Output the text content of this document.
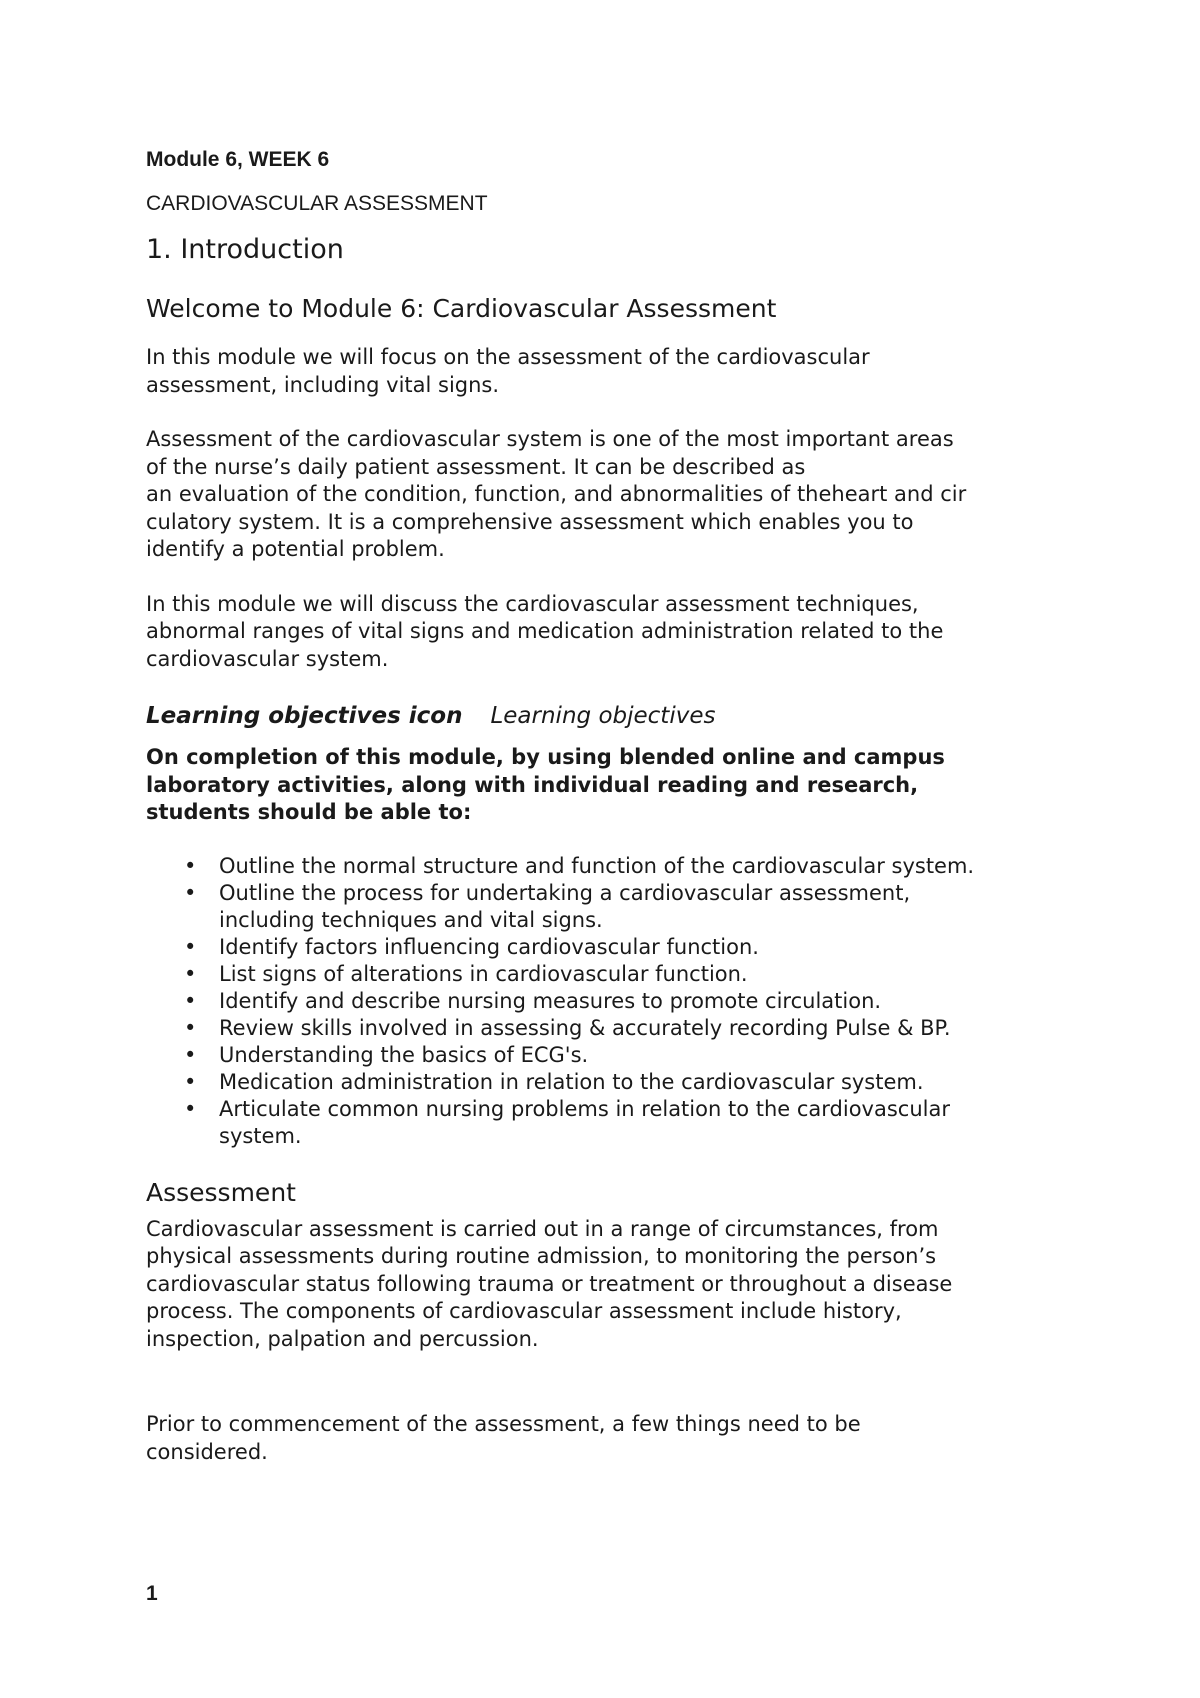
Module 6, WEEK 6

CARDIOVASCULAR ASSESSMENT

1. Introduction
Welcome to Module 6: Cardiovascular Assessment

In this module we will focus on the assessment of the cardiovascular
assessment, including vital signs.

Assessment of the cardiovascular system is one of the most important areas
of the nurse’s daily patient assessment. It can be described as
an evaluation of the condition, function, and abnormalities of theheart and cir
culatory system. It is a comprehensive assessment which enables you to
identify a potential problem.

In this module we will discuss the cardiovascular assessment techniques,
abnormal ranges of vital signs and medication administration related to the
cardiovascular system.

Learning objectives icon Learning objectives

On completion of this module, by using blended online and campus
laboratory activities, along with individual reading and research,
students should be able to:

• Outline the normal structure and function of the cardiovascular system.
• Outline the process for undertaking a cardiovascular assessment,
including techniques and vital signs.
• Identify factors influencing cardiovascular function.
• List signs of alterations in cardiovascular function.
• Identify and describe nursing measures to promote circulation.
• Review skills involved in assessing & accurately recording Pulse & BP.
• Understanding the basics of ECG's.
• Medication administration in relation to the cardiovascular system.
• Articulate common nursing problems in relation to the cardiovascular
system.
Assessment

Cardiovascular assessment is carried out in a range of circumstances, from
physical assessments during routine admission, to monitoring the person’s
cardiovascular status following trauma or treatment or throughout a disease
process. The components of cardiovascular assessment include history,
inspection, palpation and percussion.

Prior to commencement of the assessment, a few things need to be
considered.

1
